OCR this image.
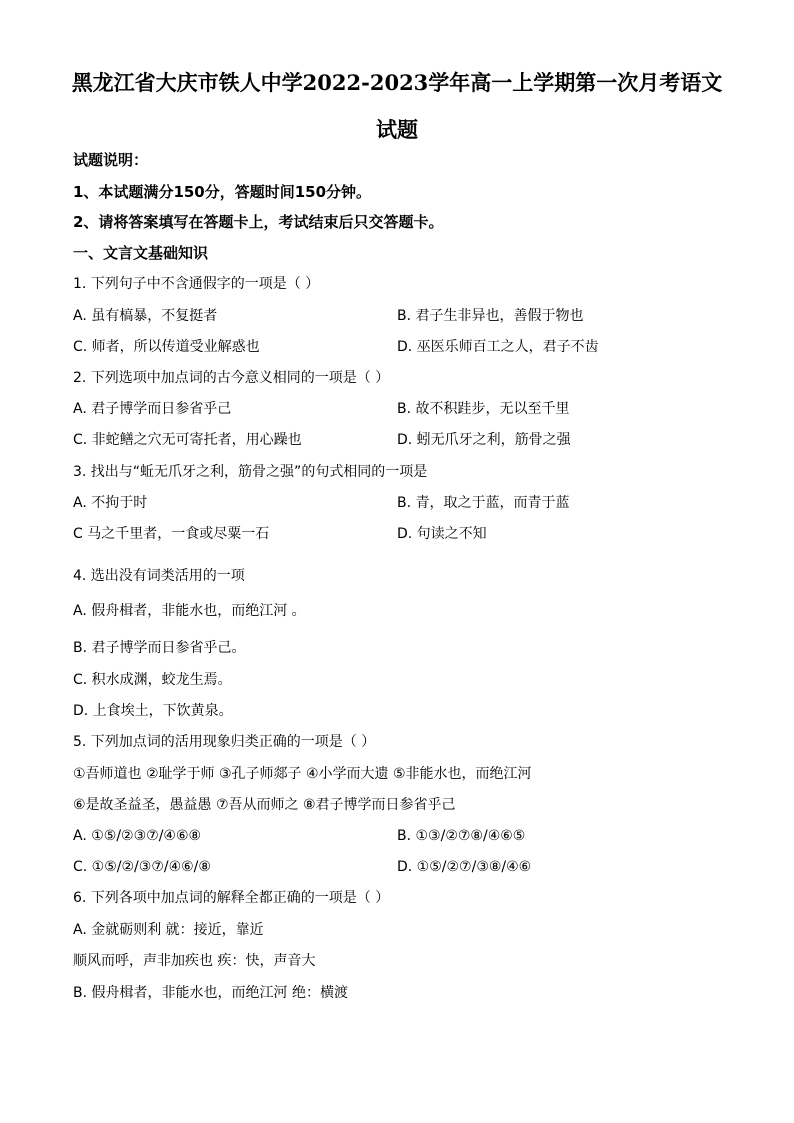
黑龙江省大庆市铁人中学2022-2023学年高一上学期第一次月考语文
试题
试题说明：
1、本试题满分150分，答题时间150分钟。
2、请将答案填写在答题卡上，考试结束后只交答题卡。
一、文言文基础知识
1. 下列句子中不含通假字的一项是（ ）
A. 虽有槁暴，不复挺者	B. 君子生非异也，善假于物也
C. 师者，所以传道受业解惑也	D. 巫医乐师百工之人，君子不齿
2. 下列选项中加点词的古今意义相同的一项是（ ）
A. 君子博学而日参省乎己	B. 故不积跬步，无以至千里
C. 非蛇鳝之穴无可寄托者，用心躁也	D. 蚓无爪牙之利，筋骨之强
3. 找出与“蚯无爪牙之利，筋骨之强”的句式相同的一项是
A. 不拘于时	B. 青，取之于蓝，而青于蓝
C 马之千里者，一食或尽粟一石	D. 句读之不知
4. 选出没有词类活用的一项
A. 假舟楫者，非能水也，而绝江河 。
B. 君子博学而日参省乎己。
C. 积水成渊，蛟龙生焉。
D. 上食埃土，下饮黄泉。
5. 下列加点词的活用现象归类正确的一项是（ ）
①吾师道也 ②耻学于师 ③孔子师郯子 ④小学而大遗 ⑤非能水也，而绝江河
⑥是故圣益圣，愚益愚 ⑦吾从而师之 ⑧君子博学而日参省乎己
A. ①⑤/②③⑦/④⑥⑧	B. ①③/②⑦⑧/④⑥⑤
C. ①⑤/②/③⑦/④⑥/⑧	D. ①⑤/②⑦/③⑧/④⑥
6. 下列各项中加点词的解释全都正确的一项是（ ）
A. 金就砺则利 就：接近，靠近
顺风而呼，声非加疾也 疾：快，声音大
B. 假舟楫者，非能水也，而绝江河 绝：横渡
